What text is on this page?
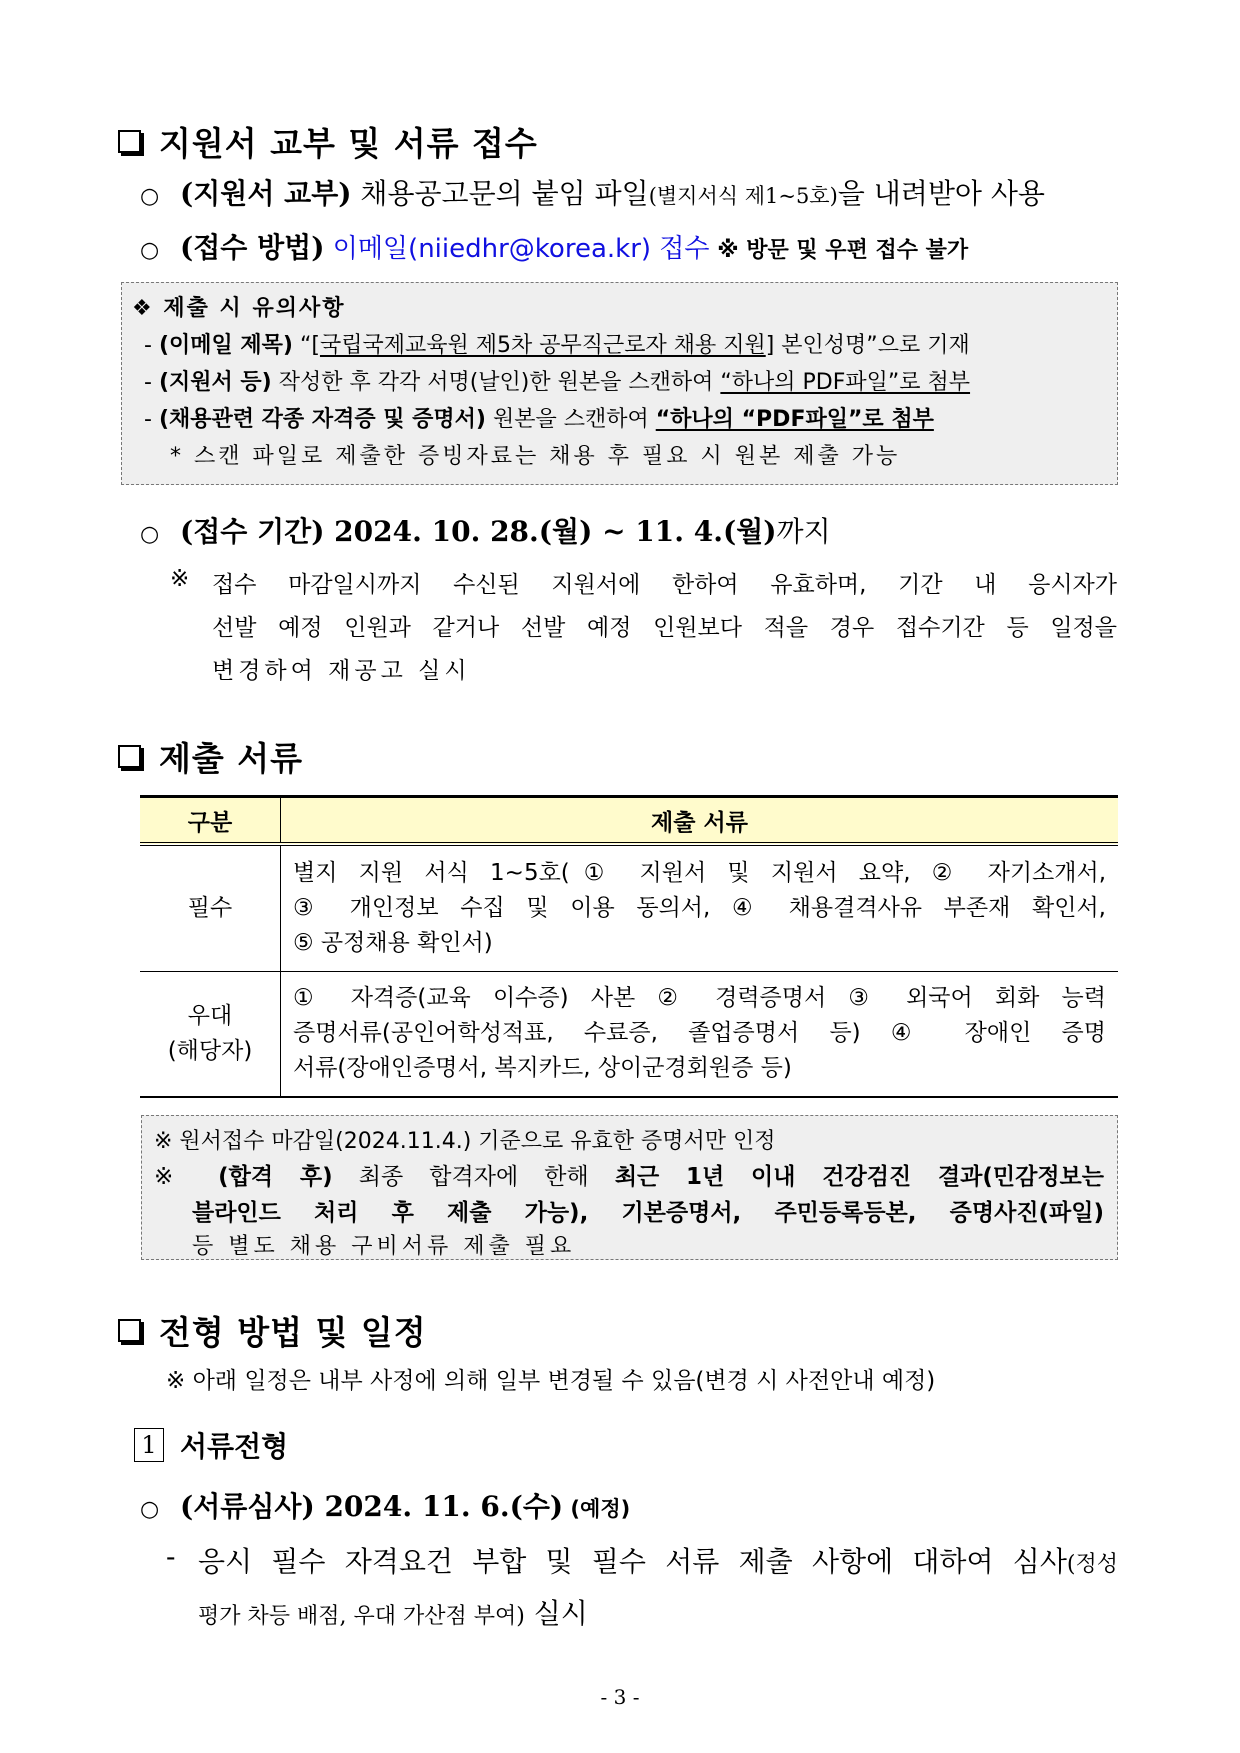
지원서 교부 및 서류 접수
○ (지원서 교부) 채용공고문의 붙임 파일(별지서식 제1~5호)을 내려받아 사용
○ (접수 방법) 이메일(niiedhr@korea.kr) 접수 ※ 방문 및 우편 접수 불가
❖ 제출 시 유의사항
- (이메일 제목) “[국립국제교육원 제5차 공무직근로자 채용 지원] 본인성명”으로 기재
- (지원서 등) 작성한 후 각각 서명(날인)한 원본을 스캔하여 “하나의 PDF파일”로 첨부
- (채용관련 각종 자격증 및 증명서) 원본을 스캔하여 “하나의 “PDF파일”로 첨부
* 스캔 파일로 제출한 증빙자료는 채용 후 필요 시 원본 제출 가능
○ (접수 기간) 2024. 10. 28.(월) ~ 11. 4.(월)까지
※ 접수 마감일시까지 수신된 지원서에 한하여 유효하며, 기간 내 응시자가
선발 예정 인원과 같거나 선발 예정 인원보다 적을 경우 접수기간 등 일정을
변경하여 재공고 실시
제출 서류
구분	제출 서류
필수	별지 지원 서식 1~5호(① 지원서 및 지원서 요약, ② 자기소개서,
③ 개인정보 수집 및 이용 동의서, ④ 채용결격사유 부존재 확인서,
⑤ 공정채용 확인서)

우대
(해당자)	① 자격증(교육 이수증) 사본 ② 경력증명서 ③ 외국어 회화 능력
증명서류(공인어학성적표, 수료증, 졸업증명서 등) ④ 장애인 증명
서류(장애인증명서, 복지카드, 상이군경회원증 등)
※ 원서접수 마감일(2024.11.4.) 기준으로 유효한 증명서만 인정
※ (합격 후) 최종 합격자에 한해 최근 1년 이내 건강검진 결과(민감정보는
블라인드 처리 후 제출 가능), 기본증명서, 주민등록등본, 증명사진(파일)
등 별도 채용 구비서류 제출 필요
전형 방법 및 일정
※ 아래 일정은 내부 사정에 의해 일부 변경될 수 있음(변경 시 사전안내 예정)
1 서류전형
○ (서류심사) 2024. 11. 6.(수) (예정)
- 응시 필수 자격요건 부합 및 필수 서류 제출 사항에 대하여 심사(정성
평가 차등 배점, 우대 가산점 부여) 실시
- 3 -
